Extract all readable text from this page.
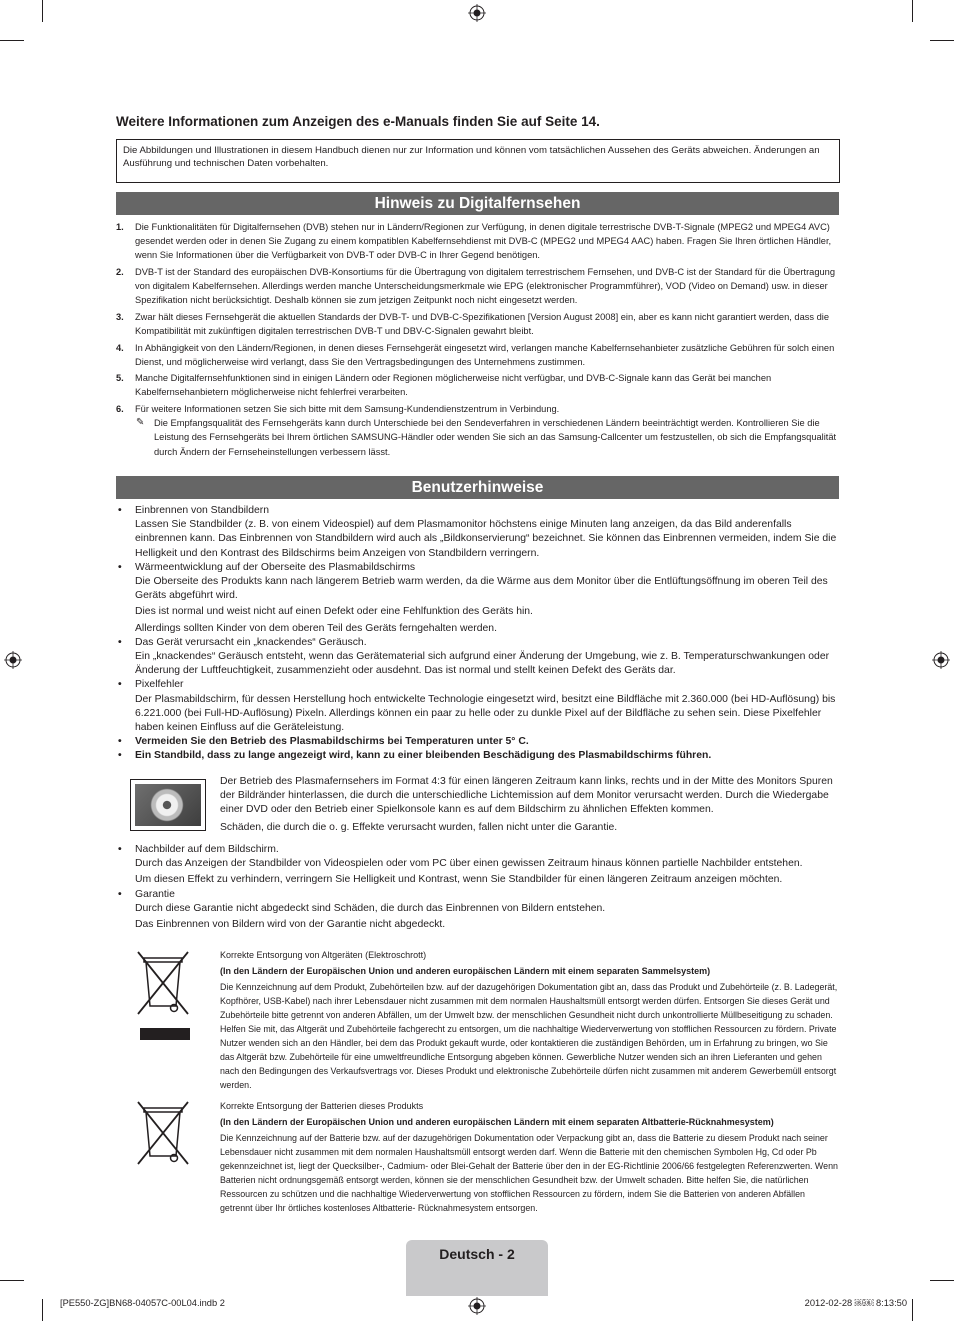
Weitere Informationen zum Anzeigen des e-Manuals finden Sie auf Seite 14.
Die Abbildungen und Illustrationen in diesem Handbuch dienen nur zur Information und können vom tatsächlichen Aussehen des Geräts abweichen. Änderungen an Ausführung und technischen Daten vorbehalten.
Hinweis zu Digitalfernsehen
1. Die Funktionalitäten für Digitalfernsehen (DVB) stehen nur in Ländern/Regionen zur Verfügung, in denen digitale terrestrische DVB-T-Signale (MPEG2 und MPEG4 AVC) gesendet werden oder in denen Sie Zugang zu einem kompatiblen Kabelfernsehdienst mit DVB-C (MPEG2 und MPEG4 AAC) haben. Fragen Sie Ihren örtlichen Händler, wenn Sie Informationen über die Verfügbarkeit von DVB-T oder DVB-C in Ihrer Gegend benötigen.
2. DVB-T ist der Standard des europäischen DVB-Konsortiums für die Übertragung von digitalem terrestrischem Fernsehen, und DVB-C ist der Standard für die Übertragung von digitalem Kabelfernsehen. Allerdings werden manche Unterscheidungsmerkmale wie EPG (elektronischer Programmführer), VOD (Video on Demand) usw. in dieser Spezifikation nicht berücksichtigt. Deshalb können sie zum jetzigen Zeitpunkt noch nicht eingesetzt werden.
3. Zwar hält dieses Fernsehgerät die aktuellen Standards der DVB-T- und DVB-C-Spezifikationen [Version August 2008] ein, aber es kann nicht garantiert werden, dass die Kompatibilität mit zukünftigen digitalen terrestrischen DVB-T und DBV-C-Signalen gewahrt bleibt.
4. In Abhängigkeit von den Ländern/Regionen, in denen dieses Fernsehgerät eingesetzt wird, verlangen manche Kabelfernsehanbieter zusätzliche Gebühren für solch einen Dienst, und möglicherweise wird verlangt, dass Sie den Vertragsbedingungen des Unternehmens zustimmen.
5. Manche Digitalfernsehfunktionen sind in einigen Ländern oder Regionen möglicherweise nicht verfügbar, und DVB-C-Signale kann das Gerät bei manchen Kabelfernsehanbietern möglicherweise nicht fehlerfrei verarbeiten.
6. Für weitere Informationen setzen Sie sich bitte mit dem Samsung-Kundendienstzentrum in Verbindung.
✎ Die Empfangsqualität des Fernsehgeräts kann durch Unterschiede bei den Sendeverfahren in verschiedenen Ländern beeinträchtigt werden. Kontrollieren Sie die Leistung des Fernsehgeräts bei Ihrem örtlichen SAMSUNG-Händler oder wenden Sie sich an das Samsung-Callcenter um festzustellen, ob sich die Empfangsqualität durch Ändern der Fernseheinstellungen verbessern lässt.
Benutzerhinweise
• Einbrennen von Standbildern
Lassen Sie Standbilder (z. B. von einem Videospiel) auf dem Plasmamonitor höchstens einige Minuten lang anzeigen, da das Bild anderenfalls einbrennen kann. Das Einbrennen von Standbildern wird auch als „Bildkonservierung“ bezeichnet. Sie können das Einbrennen vermeiden, indem Sie die Helligkeit und den Kontrast des Bildschirms beim Anzeigen von Standbildern verringern.
• Wärmeentwicklung auf der Oberseite des Plasmabildschirms
Die Oberseite des Produkts kann nach längerem Betrieb warm werden, da die Wärme aus dem Monitor über die Entlüftungsöffnung im oberen Teil des Geräts abgeführt wird.
Dies ist normal und weist nicht auf einen Defekt oder eine Fehlfunktion des Geräts hin.
Allerdings sollten Kinder von dem oberen Teil des Geräts ferngehalten werden.
• Das Gerät verursacht ein „knackendes“ Geräusch.
Ein „knackendes“ Geräusch entsteht, wenn das Gerätematerial sich aufgrund einer Änderung der Umgebung, wie z. B. Temperaturschwankungen oder Änderung der Luftfeuchtigkeit, zusammenzieht oder ausdehnt. Das ist normal und stellt keinen Defekt des Geräts dar.
• Pixelfehler
Der Plasmabildschirm, für dessen Herstellung hoch entwickelte Technologie eingesetzt wird, besitzt eine Bildfläche mit 2.360.000 (bei HD-Auflösung) bis 6.221.000 (bei Full-HD-Auflösung) Pixeln. Allerdings können ein paar zu helle oder zu dunkle Pixel auf der Bildfläche zu sehen sein. Diese Pixelfehler haben keinen Einfluss auf die Geräteleistung.
• Vermeiden Sie den Betrieb des Plasmabildschirms bei Temperaturen unter 5° C.
• Ein Standbild, dass zu lange angezeigt wird, kann zu einer bleibenden Beschädigung des Plasmabildschirms führen.
Der Betrieb des Plasmafernsehers im Format 4:3 für einen längeren Zeitraum kann links, rechts und in der Mitte des Monitors Spuren der Bildränder hinterlassen, die durch die unterschiedliche Lichtemission auf dem Monitor verursacht werden. Durch die Wiedergabe einer DVD oder den Betrieb einer Spielkonsole kann es auf dem Bildschirm zu ähnlichen Effekten kommen.
Schäden, die durch die o. g. Effekte verursacht wurden, fallen nicht unter die Garantie.
• Nachbilder auf dem Bildschirm.
Durch das Anzeigen der Standbilder von Videospielen oder vom PC über einen gewissen Zeitraum hinaus können partielle Nachbilder entstehen.
Um diesen Effekt zu verhindern, verringern Sie Helligkeit und Kontrast, wenn Sie Standbilder für einen längeren Zeitraum anzeigen möchten.
• Garantie
Durch diese Garantie nicht abgedeckt sind Schäden, die durch das Einbrennen von Bildern entstehen.
Das Einbrennen von Bildern wird von der Garantie nicht abgedeckt.
Korrekte Entsorgung von Altgeräten (Elektroschrott)
(In den Ländern der Europäischen Union und anderen europäischen Ländern mit einem separaten Sammelsystem)
Die Kennzeichnung auf dem Produkt, Zubehörteilen bzw. auf der dazugehörigen Dokumentation gibt an, dass das Produkt und Zubehörteile (z. B. Ladegerät, Kopfhörer, USB-Kabel) nach ihrer Lebensdauer nicht zusammen mit dem normalen Haushaltsmüll entsorgt werden dürfen. Entsorgen Sie dieses Gerät und Zubehörteile bitte getrennt von anderen Abfällen, um der Umwelt bzw. der menschlichen Gesundheit nicht durch unkontrollierte Müllbeseitigung zu schaden. Helfen Sie mit, das Altgerät und Zubehörteile fachgerecht zu entsorgen, um die nachhaltige Wiederverwertung von stofflichen Ressourcen zu fördern. Private Nutzer wenden sich an den Händler, bei dem das Produkt gekauft wurde, oder kontaktieren die zuständigen Behörden, um in Erfahrung zu bringen, wo Sie das Altgerät bzw. Zubehörteile für eine umweltfreundliche Entsorgung abgeben können. Gewerbliche Nutzer wenden sich an ihren Lieferanten und gehen nach den Bedingungen des Verkaufsvertrags vor. Dieses Produkt und elektronische Zubehörteile dürfen nicht zusammen mit anderem Gewerbemüll entsorgt werden.
Korrekte Entsorgung der Batterien dieses Produkts
(In den Ländern der Europäischen Union und anderen europäischen Ländern mit einem separaten Altbatterie-Rücknahmesystem)
Die Kennzeichnung auf der Batterie bzw. auf der dazugehörigen Dokumentation oder Verpackung gibt an, dass die Batterie zu diesem Produkt nach seiner Lebensdauer nicht zusammen mit dem normalen Haushaltsmüll entsorgt werden darf. Wenn die Batterie mit den chemischen Symbolen Hg, Cd oder Pb gekennzeichnet ist, liegt der Quecksilber-, Cadmium- oder Blei-Gehalt der Batterie über den in der EG-Richtlinie 2006/66 festgelegten Referenzwerten. Wenn Batterien nicht ordnungsgemäß entsorgt werden, können sie der menschlichen Gesundheit bzw. der Umwelt schaden. Bitte helfen Sie, die natürlichen Ressourcen zu schützen und die nachhaltige Wiederverwertung von stofflichen Ressourcen zu fördern, indem Sie die Batterien von anderen Abfällen getrennt über Ihr örtliches kostenloses Altbatterie- Rücknahmesystem entsorgen.
Deutsch - 2
[PE550-ZG]BN68-04057C-00L04.indb 2	2012-02-28 ￼￼ 8:13:50
